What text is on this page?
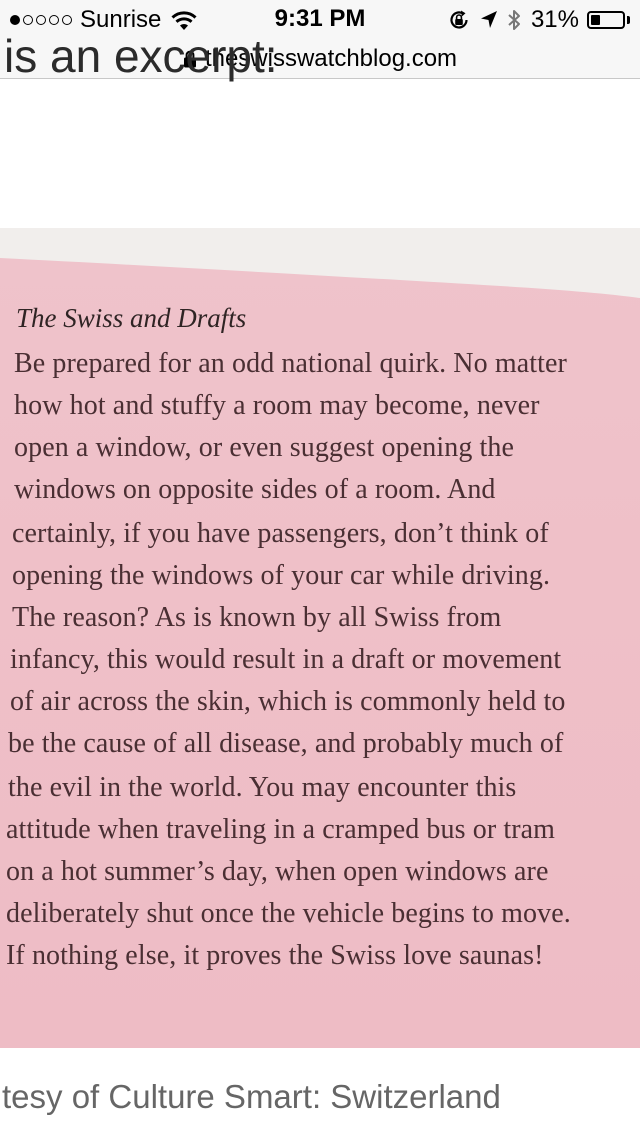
Sunrise	9:31 PM	31%
theswisswatchblog.com
is an excerpt:
The Swiss and Drafts
Be prepared for an odd national quirk. No matter
how hot and stuffy a room may become, never
open a window, or even suggest opening the
windows on opposite sides of a room. And
certainly, if you have passengers, don’t think of
opening the windows of your car while driving.
The reason? As is known by all Swiss from
infancy, this would result in a draft or movement
of air across the skin, which is commonly held to
be the cause of all disease, and probably much of
the evil in the world. You may encounter this
attitude when traveling in a cramped bus or tram
on a hot summer’s day, when open windows are
deliberately shut once the vehicle begins to move.
If nothing else, it proves the Swiss love saunas!
tesy of Culture Smart: Switzerland
